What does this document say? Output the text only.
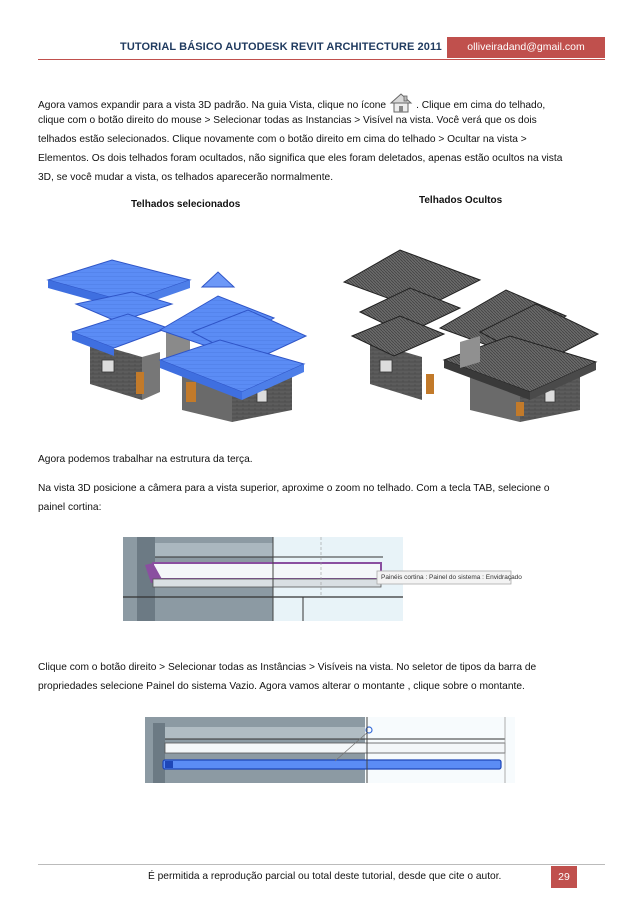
TUTORIAL BÁSICO AUTODESK REVIT ARCHITECTURE 2011	olliveiradand@gmail.com
Agora vamos expandir para a vista 3D padrão. Na guia Vista, clique no ícone	. Clique em cima do telhado,
clique com o botão direito do mouse > Selecionar todas as Instancias > Visível na vista. Você verá que os dois
telhados estão selecionados. Clique novamente com o botão direito em cima do telhado > Ocultar na vista >
Elementos. Os dois telhados foram ocultados, não significa que eles foram deletados, apenas estão ocultos na vista
3D, se você mudar a vista, os telhados aparecerão normalmente.
Telhados selecionados	Telhados Ocultos
Agora podemos trabalhar na estrutura da terça.
Na vista 3D posicione a câmera para a vista superior, aproxime o zoom no telhado. Com a tecla TAB, selecione o
painel cortina:
Painéis cortina : Painel do sistema : Envidraçado
Clique com o botão direito > Selecionar todas as Instâncias > Visíveis na vista. No seletor de tipos da barra de
propriedades selecione Painel do sistema Vazio. Agora vamos alterar o montante , clique sobre o montante.
É permitida a reprodução parcial ou total deste tutorial, desde que cite o autor.	29
